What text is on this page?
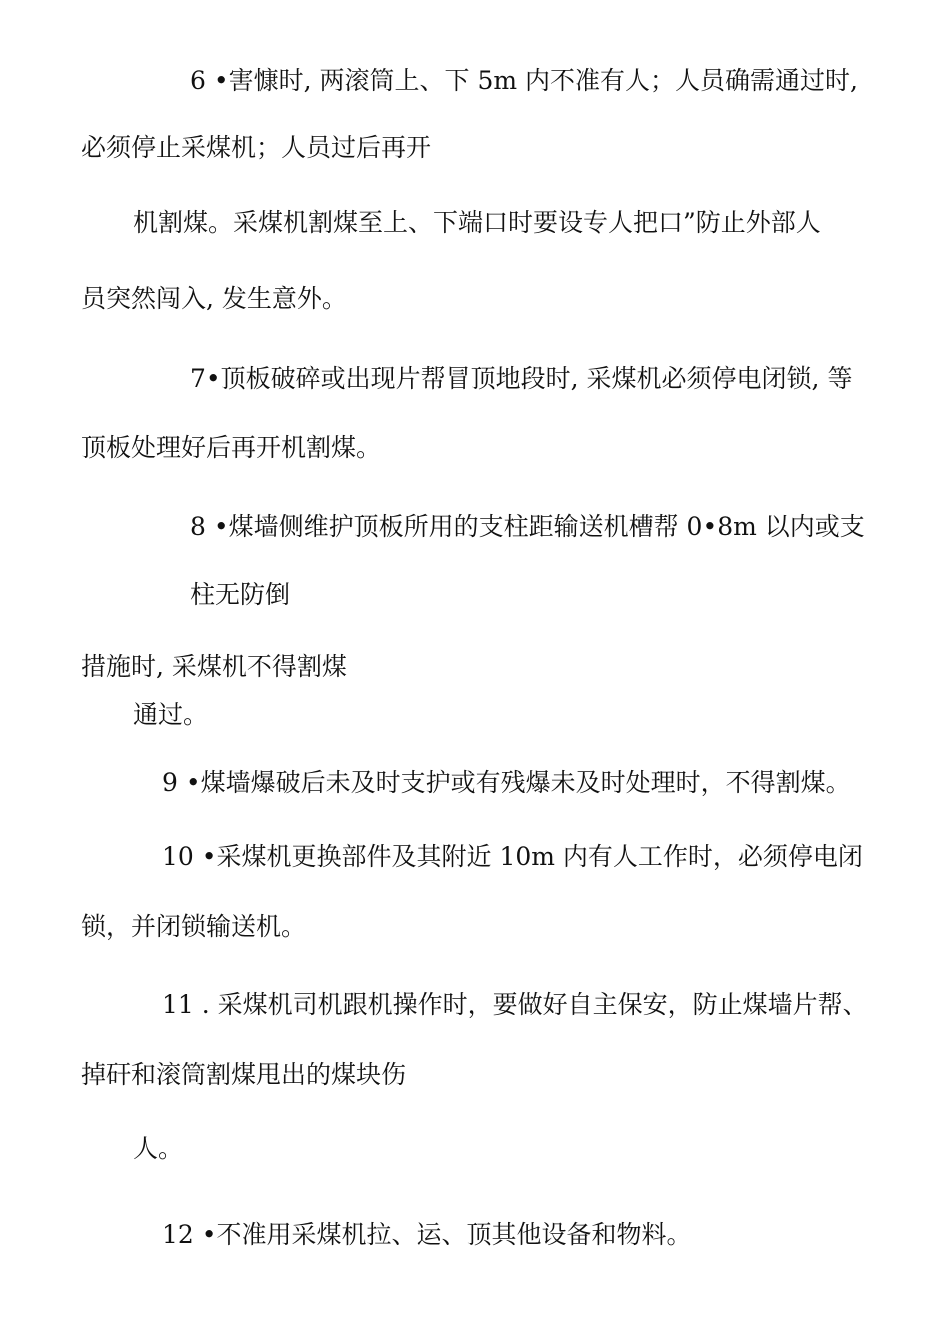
6 •害慷时, 两滚筒上、下 5m 内不准有人；人员确需通过时,

必须停止采煤机；人员过后再开

机割煤。采煤机割煤至上、下端口时要设专人把口”防止外部人

员突然闯入, 发生意外。

7•顶板破碎或出现片帮冒顶地段时, 采煤机必须停电闭锁, 等

顶板处理好后再开机割煤。

8 •煤墙侧维护顶板所用的支柱距输送机槽帮 0•8m 以内或支

柱无防倒

措施时, 采煤机不得割煤

通过。

9 •煤墙爆破后未及时支护或有残爆未及时处理时，不得割煤。

10 •采煤机更换部件及其附近 10m 内有人工作时，必须停电闭

锁，并闭锁输送机。

11 . 采煤机司机跟机操作时，要做好自主保安，防止煤墙片帮、

掉矸和滚筒割煤甩出的煤块伤

人。

12 •不准用采煤机拉、运、顶其他设备和物料。
